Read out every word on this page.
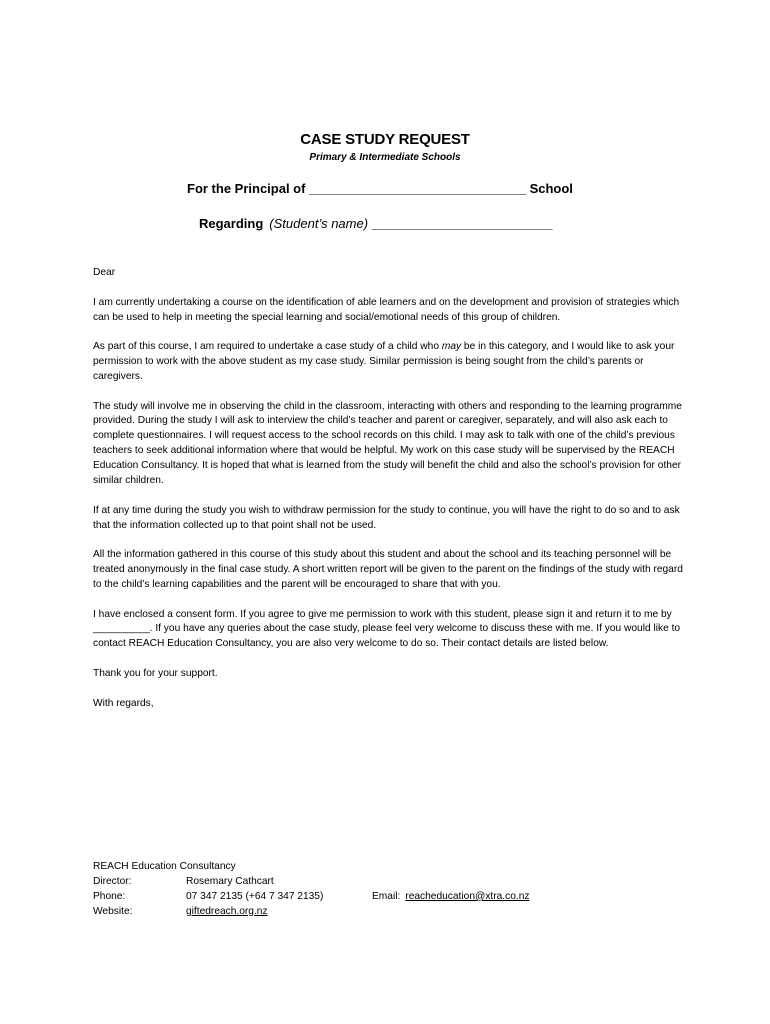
CASE STUDY REQUEST
Primary & Intermediate Schools
For the Principal of ______________________________ School
Regarding (Student’s name) _________________________

Dear

I am currently undertaking a course on the identification of able learners and on the development and provision of strategies which can be used to help in meeting the special learning and social/emotional needs of this group of children.

As part of this course, I am required to undertake a case study of a child who may be in this category, and I would like to ask your permission to work with the above student as my case study. Similar permission is being sought from the child’s parents or caregivers.

The study will involve me in observing the child in the classroom, interacting with others and responding to the learning programme provided. During the study I will ask to interview the child’s teacher and parent or caregiver, separately, and will also ask each to complete questionnaires. I will request access to the school records on this child. I may ask to talk with one of the child’s previous teachers to seek additional information where that would be helpful. My work on this case study will be supervised by the REACH Education Consultancy. It is hoped that what is learned from the study will benefit the child and also the school’s provision for other similar children.

If at any time during the study you wish to withdraw permission for the study to continue, you will have the right to do so and to ask that the information collected up to that point shall not be used.

All the information gathered in this course of this study about this student and about the school and its teaching personnel will be treated anonymously in the final case study. A short written report will be given to the parent on the findings of the study with regard to the child’s learning capabilities and the parent will be encouraged to share that with you.

I have enclosed a consent form. If you agree to give me permission to work with this student, please sign it and return it to me by __________. If you have any queries about the case study, please feel very welcome to discuss these with me. If you would like to contact REACH Education Consultancy, you are also very welcome to do so. Their contact details are listed below.

Thank you for your support.

With regards,

REACH Education Consultancy
Director:	Rosemary Cathcart
Phone:	07 347 2135 (+64 7 347 2135)	Email: reacheducation@xtra.co.nz
Website:	giftedreach.org.nz
